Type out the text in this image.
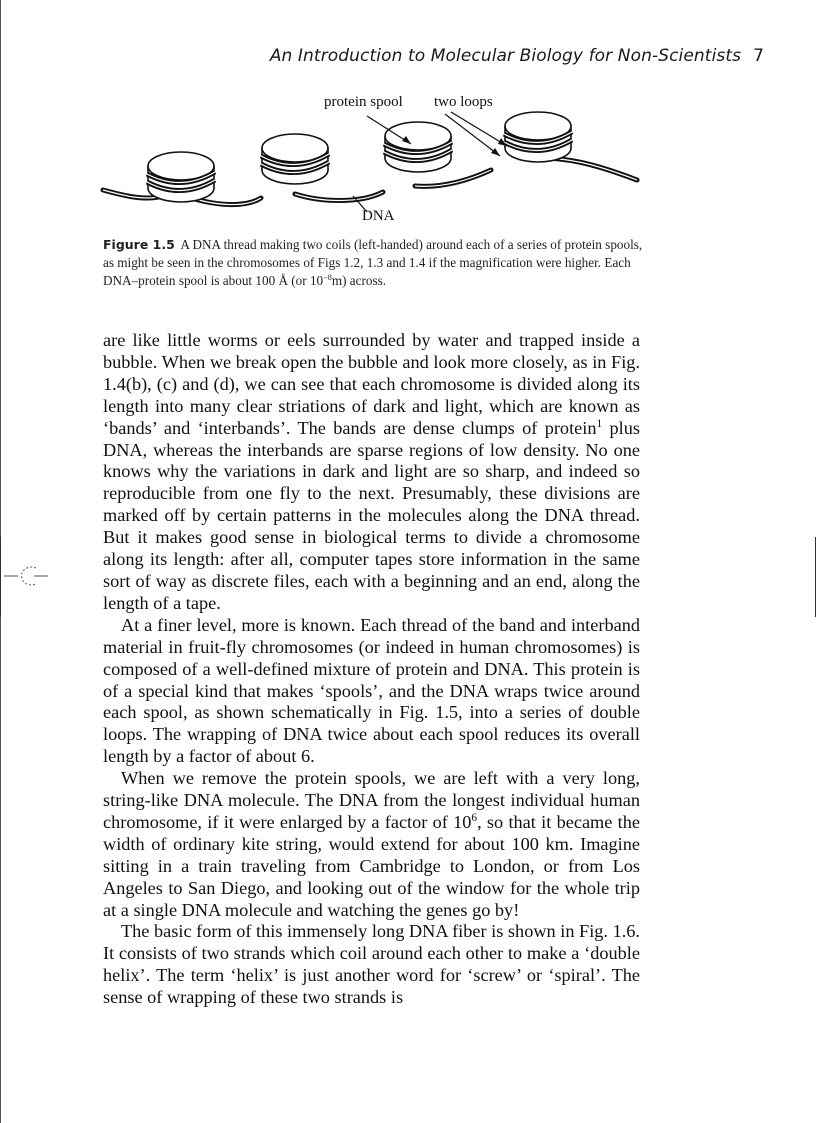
An Introduction to Molecular Biology for Non-Scientists 7
protein spool two loops
DNA
Figure 1.5 A DNA thread making two coils (left-handed) around each of a series of protein spools, as might be seen in the chromosomes of Figs 1.2, 1.3 and 1.4 if the magnification were higher. Each DNA–protein spool is about 100 Å (or $10^{-8}m$) across.

are like little worms or eels surrounded by water and trapped inside a bubble. When we break open the bubble and look more closely, as in Fig. 1.4(b), (c) and (d), we can see that each chromosome is divided along its length into many clear striations of dark and light, which are known as ‘bands’ and ‘interbands’. The bands are dense clumps of protein$^1$ plus DNA, whereas the interbands are sparse regions of low density. No one knows why the variations in dark and light are so sharp, and indeed so reproducible from one fly to the next. Presumably, these divisions are marked off by certain patterns in the molecules along the DNA thread. But it makes good sense in biological terms to divide a chromosome along its length: after all, computer tapes store information in the same sort of way as discrete files, each with a beginning and an end, along the length of a tape.

At a finer level, more is known. Each thread of the band and interband material in fruit-fly chromosomes (or indeed in human chromosomes) is composed of a well-defined mixture of protein and DNA. This protein is of a special kind that makes ‘spools’, and the DNA wraps twice around each spool, as shown schematically in Fig. 1.5, into a series of double loops. The wrapping of DNA twice about each spool reduces its overall length by a factor of about 6.

When we remove the protein spools, we are left with a very long, string-like DNA molecule. The DNA from the longest individual human chromosome, if it were enlarged by a factor of $10^6$, so that it became the width of ordinary kite string, would extend for about 100 km. Imagine sitting in a train traveling from Cambridge to London, or from Los Angeles to San Diego, and looking out of the window for the whole trip at a single DNA molecule and watching the genes go by!

The basic form of this immensely long DNA fiber is shown in Fig. 1.6. It consists of two strands which coil around each other to make a ‘double helix’. The term ‘helix’ is just another word for ‘screw’ or ‘spiral’. The sense of wrapping of these two strands is
